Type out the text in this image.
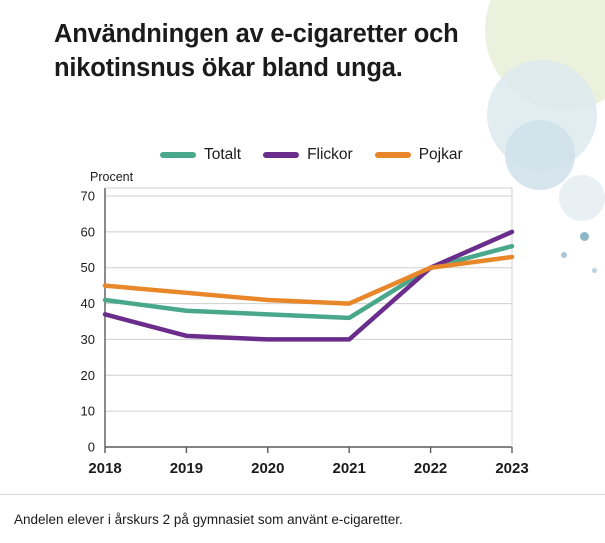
Användningen av e-cigaretter och nikotinsnus ökar bland unga.
Totalt	Flickor	Pojkar
Procent
0
10
20
30
40
50
60
70
2018	2019	2020	2021	2022	2023
Andelen elever i årskurs 2 på gymnasiet som använt e-cigaretter.
